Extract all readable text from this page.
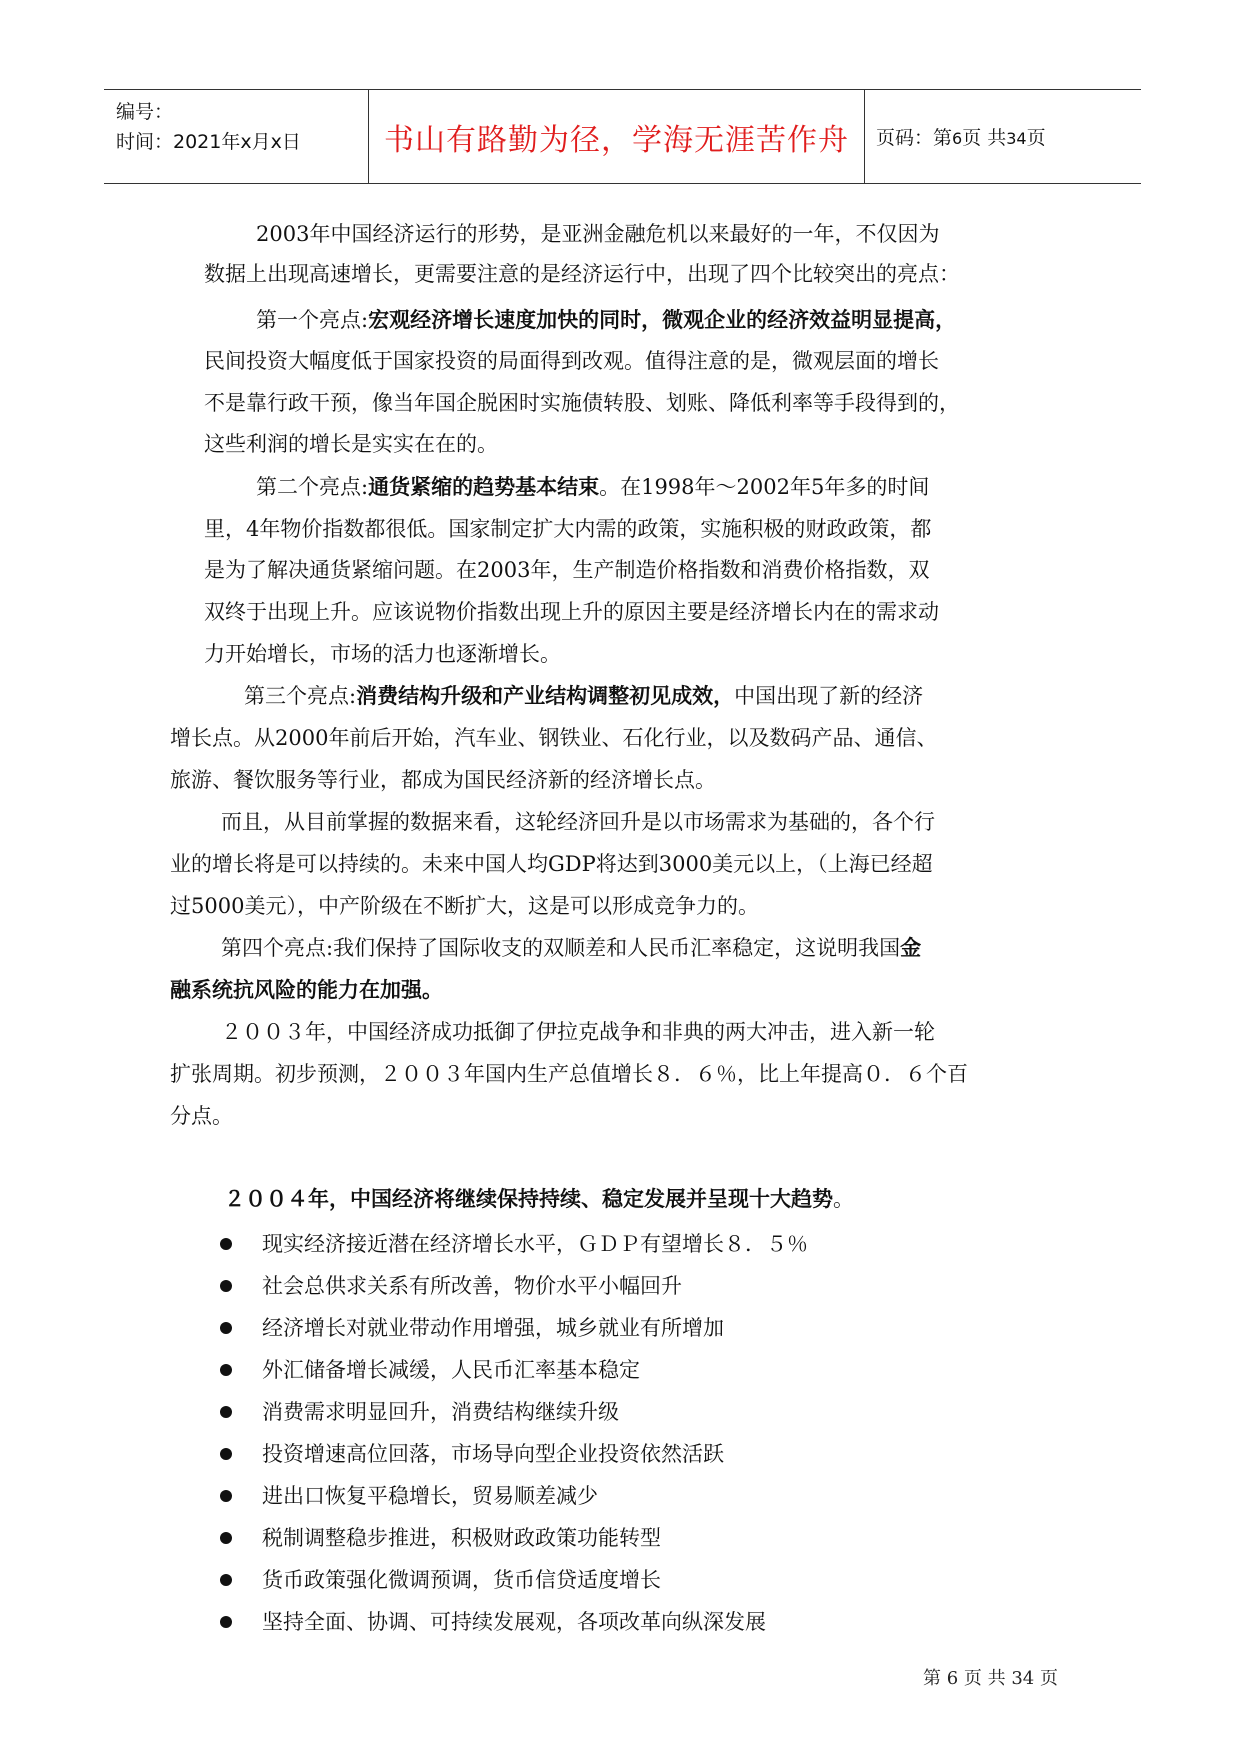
编号：
时间：2021年x月x日	书山有路勤为径，学海无涯苦作舟 页码：第6页 共34页
2003年中国经济运行的形势，是亚洲金融危机以来最好的一年，不仅因为
数据上出现高速增长，更需要注意的是经济运行中，出现了四个比较突出的亮点：
第一个亮点:宏观经济增长速度加快的同时，微观企业的经济效益明显提高，
民间投资大幅度低于国家投资的局面得到改观。值得注意的是，微观层面的增长
不是靠行政干预，像当年国企脱困时实施债转股、划账、降低利率等手段得到的，
这些利润的增长是实实在在的。
第二个亮点:通货紧缩的趋势基本结束。在1998年～2002年5年多的时间
里，4年物价指数都很低。国家制定扩大内需的政策，实施积极的财政政策，都
是为了解决通货紧缩问题。在2003年，生产制造价格指数和消费价格指数，双
双终于出现上升。应该说物价指数出现上升的原因主要是经济增长内在的需求动
力开始增长，市场的活力也逐渐增长。
第三个亮点:消费结构升级和产业结构调整初见成效，中国出现了新的经济
增长点。从2000年前后开始，汽车业、钢铁业、石化行业，以及数码产品、通信、
旅游、餐饮服务等行业，都成为国民经济新的经济增长点。
而且，从目前掌握的数据来看，这轮经济回升是以市场需求为基础的，各个行
业的增长将是可以持续的。未来中国人均GDP将达到3000美元以上，（上海已经超
过5000美元），中产阶级在不断扩大，这是可以形成竞争力的。
第四个亮点:我们保持了国际收支的双顺差和人民币汇率稳定，这说明我国金
融系统抗风险的能力在加强。
２００３年，中国经济成功抵御了伊拉克战争和非典的两大冲击，进入新一轮
扩张周期。初步预测，２００３年国内生产总值增长８．６％，比上年提高０．６个百
分点。
２００４年，中国经济将继续保持持续、稳定发展并呈现十大趋势。
现实经济接近潜在经济增长水平，ＧＤＰ有望增长８．５％
社会总供求关系有所改善，物价水平小幅回升
经济增长对就业带动作用增强，城乡就业有所增加
外汇储备增长减缓，人民币汇率基本稳定
消费需求明显回升，消费结构继续升级
投资增速高位回落，市场导向型企业投资依然活跃
进出口恢复平稳增长，贸易顺差减少
税制调整稳步推进，积极财政政策功能转型
货币政策强化微调预调，货币信贷适度增长
坚持全面、协调、可持续发展观，各项改革向纵深发展
第 6 页 共 34 页
